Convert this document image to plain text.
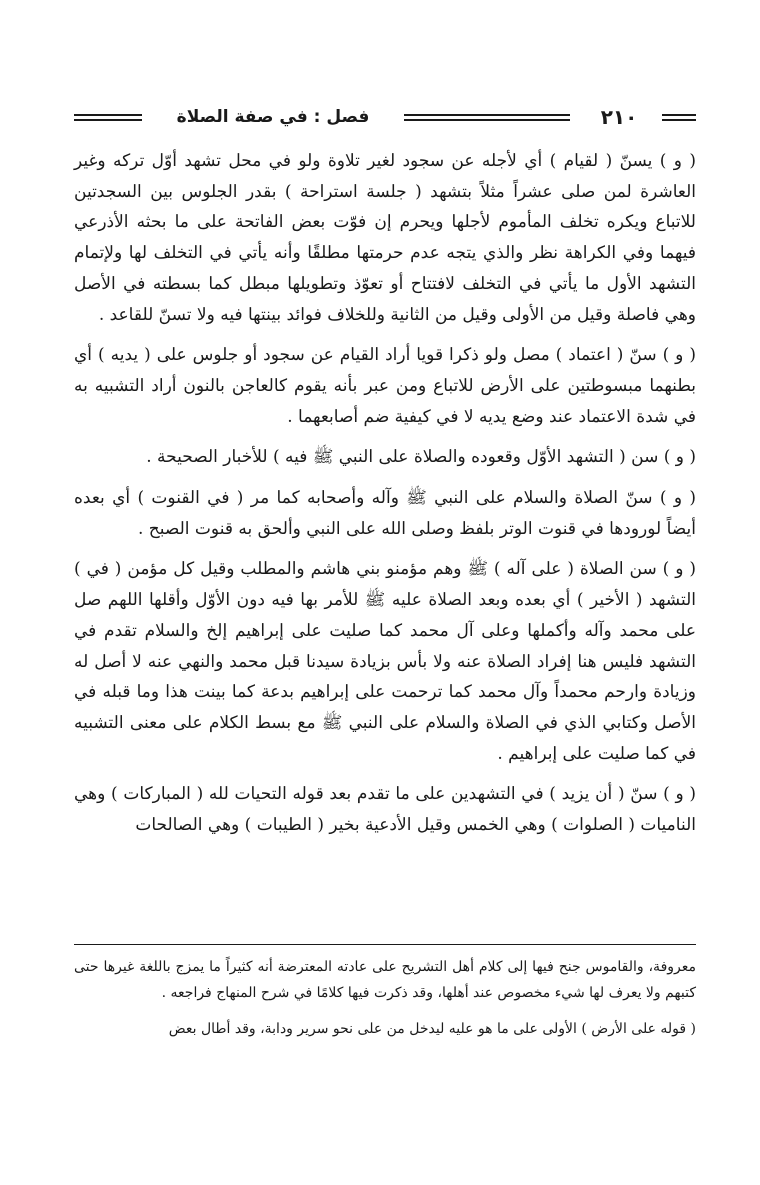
٢١٠
فصل : في صفة الصلاة

( و ) يسنّ ( لقيام ) أي لأجله عن سجود لغير تلاوة ولو في محل تشهد أوّل تركه وغير العاشرة لمن صلى عشراً مثلاً بتشهد ( جلسة استراحة ) بقدر الجلوس بين السجدتين للاتباع ويكره تخلف المأموم لأجلها ويحرم إن فوّت بعض الفاتحة على ما بحثه الأذرعي فيهما وفي الكراهة نظر والذي يتجه عدم حرمتها مطلقًا وأنه يأتي في التخلف لها ولإتمام التشهد الأول ما يأتي في التخلف لافتتاح أو تعوّذ وتطويلها مبطل كما بسطته في الأصل وهي فاصلة وقيل من الأولى وقيل من الثانية وللخلاف فوائد بينتها فيه ولا تسنّ للقاعد .

( و ) سنّ ( اعتماد ) مصل ولو ذكرا قويا أراد القيام عن سجود أو جلوس على ( يديه ) أي بطنهما مبسوطتين على الأرض للاتباع ومن عبر بأنه يقوم كالعاجن بالنون أراد التشبيه به في شدة الاعتماد عند وضع يديه لا في كيفية ضم أصابعهما .

( و ) سن ( التشهد الأوّل وقعوده والصلاة على النبي ﷺ فيه ) للأخبار الصحيحة .

( و ) سنّ الصلاة والسلام على النبي ﷺ وآله وأصحابه كما مر ( في القنوت ) أي بعده أيضاً لورودها في قنوت الوتر بلفظ وصلى الله على النبي وألحق به قنوت الصبح .

( و ) سن الصلاة ( على آله ) ﷺ وهم مؤمنو بني هاشم والمطلب وقيل كل مؤمن ( في ) التشهد ( الأخير ) أي بعده وبعد الصلاة عليه ﷺ للأمر بها فيه دون الأوّل وأقلها اللهم صل على محمد وآله وأكملها وعلى آل محمد كما صليت على إبراهيم إلخ والسلام تقدم في التشهد فليس هنا إفراد الصلاة عنه ولا بأس بزيادة سيدنا قبل محمد والنهي عنه لا أصل له وزيادة وارحم محمداً وآل محمد كما ترحمت على إبراهيم بدعة كما بينت هذا وما قبله في الأصل وكتابي الذي في الصلاة والسلام على النبي ﷺ مع بسط الكلام على معنى التشبيه في كما صليت على إبراهيم .

( و ) سنّ ( أن يزيد ) في التشهدين على ما تقدم بعد قوله التحيات لله ( المباركات ) وهي الناميات ( الصلوات ) وهي الخمس وقيل الأدعية بخير ( الطيبات ) وهي الصالحات

معروفة، والقاموس جنح فيها إلى كلام أهل التشريح على عادته المعترضة أنه كثيراً ما يمزج باللغة غيرها حتى كتبهم ولا يعرف لها شيء مخصوص عند أهلها، وقد ذكرت فيها كلامًا في شرح المنهاج فراجعه .

( قوله على الأرض ) الأولى على ما هو عليه ليدخل من على نحو سرير ودابة، وقد أطال بعض
